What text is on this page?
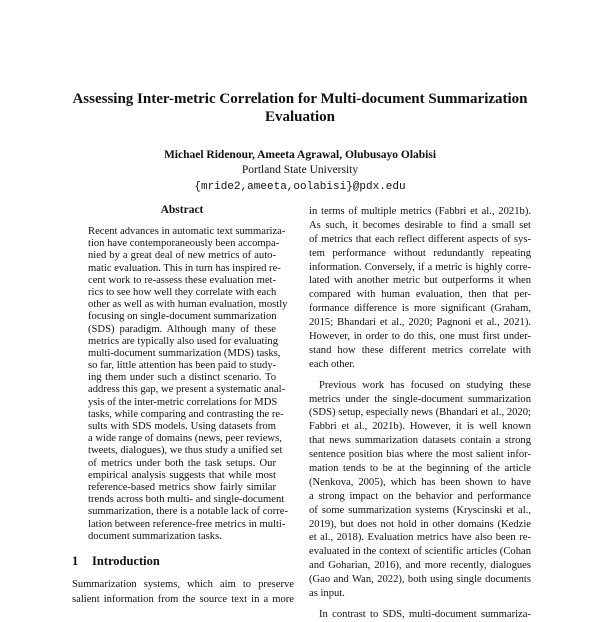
Assessing Inter-metric Correlation for Multi-document Summarization
Evaluation
Michael Ridenour, Ameeta Agrawal, Olubusayo Olabisi
Portland State University
{mride2,ameeta,oolabisi}@pdx.edu
Abstract
Recent advances in automatic text summariza-
tion have contemporaneously been accompa-
nied by a great deal of new metrics of auto-
matic evaluation. This in turn has inspired re-
cent work to re-assess these evaluation met-
rics to see how well they correlate with each
other as well as with human evaluation, mostly
focusing on single-document summarization
(SDS) paradigm. Although many of these
metrics are typically also used for evaluating
multi-document summarization (MDS) tasks,
so far, little attention has been paid to study-
ing them under such a distinct scenario. To
address this gap, we present a systematic anal-
ysis of the inter-metric correlations for MDS
tasks, while comparing and contrasting the re-
sults with SDS models. Using datasets from
a wide range of domains (news, peer reviews,
tweets, dialogues), we thus study a unified set
of metrics under both the task setups. Our
empirical analysis suggests that while most
reference-based metrics show fairly similar
trends across both multi- and single-document
summarization, there is a notable lack of corre-
lation between reference-free metrics in multi-
document summarization tasks.
1 Introduction
Summarization systems, which aim to preserve
salient information from the source text in a more
in terms of multiple metrics (Fabbri et al., 2021b).
As such, it becomes desirable to find a small set
of metrics that each reflect different aspects of sys-
tem performance without redundantly repeating
information. Conversely, if a metric is highly corre-
lated with another metric but outperforms it when
compared with human evaluation, then that per-
formance difference is more significant (Graham,
2015; Bhandari et al., 2020; Pagnoni et al., 2021).
However, in order to do this, one must first under-
stand how these different metrics correlate with
each other.
Previous work has focused on studying these
metrics under the single-document summarization
(SDS) setup, especially news (Bhandari et al., 2020;
Fabbri et al., 2021b). However, it is well known
that news summarization datasets contain a strong
sentence position bias where the most salient infor-
mation tends to be at the beginning of the article
(Nenkova, 2005), which has been shown to have
a strong impact on the behavior and performance
of some summarization systems (Kryscinski et al.,
2019), but does not hold in other domains (Kedzie
et al., 2018). Evaluation metrics have also been re-
evaluated in the context of scientific articles (Cohan
and Goharian, 2016), and more recently, dialogues
(Gao and Wan, 2022), both using single documents
as input.
In contrast to SDS, multi-document summariza-
